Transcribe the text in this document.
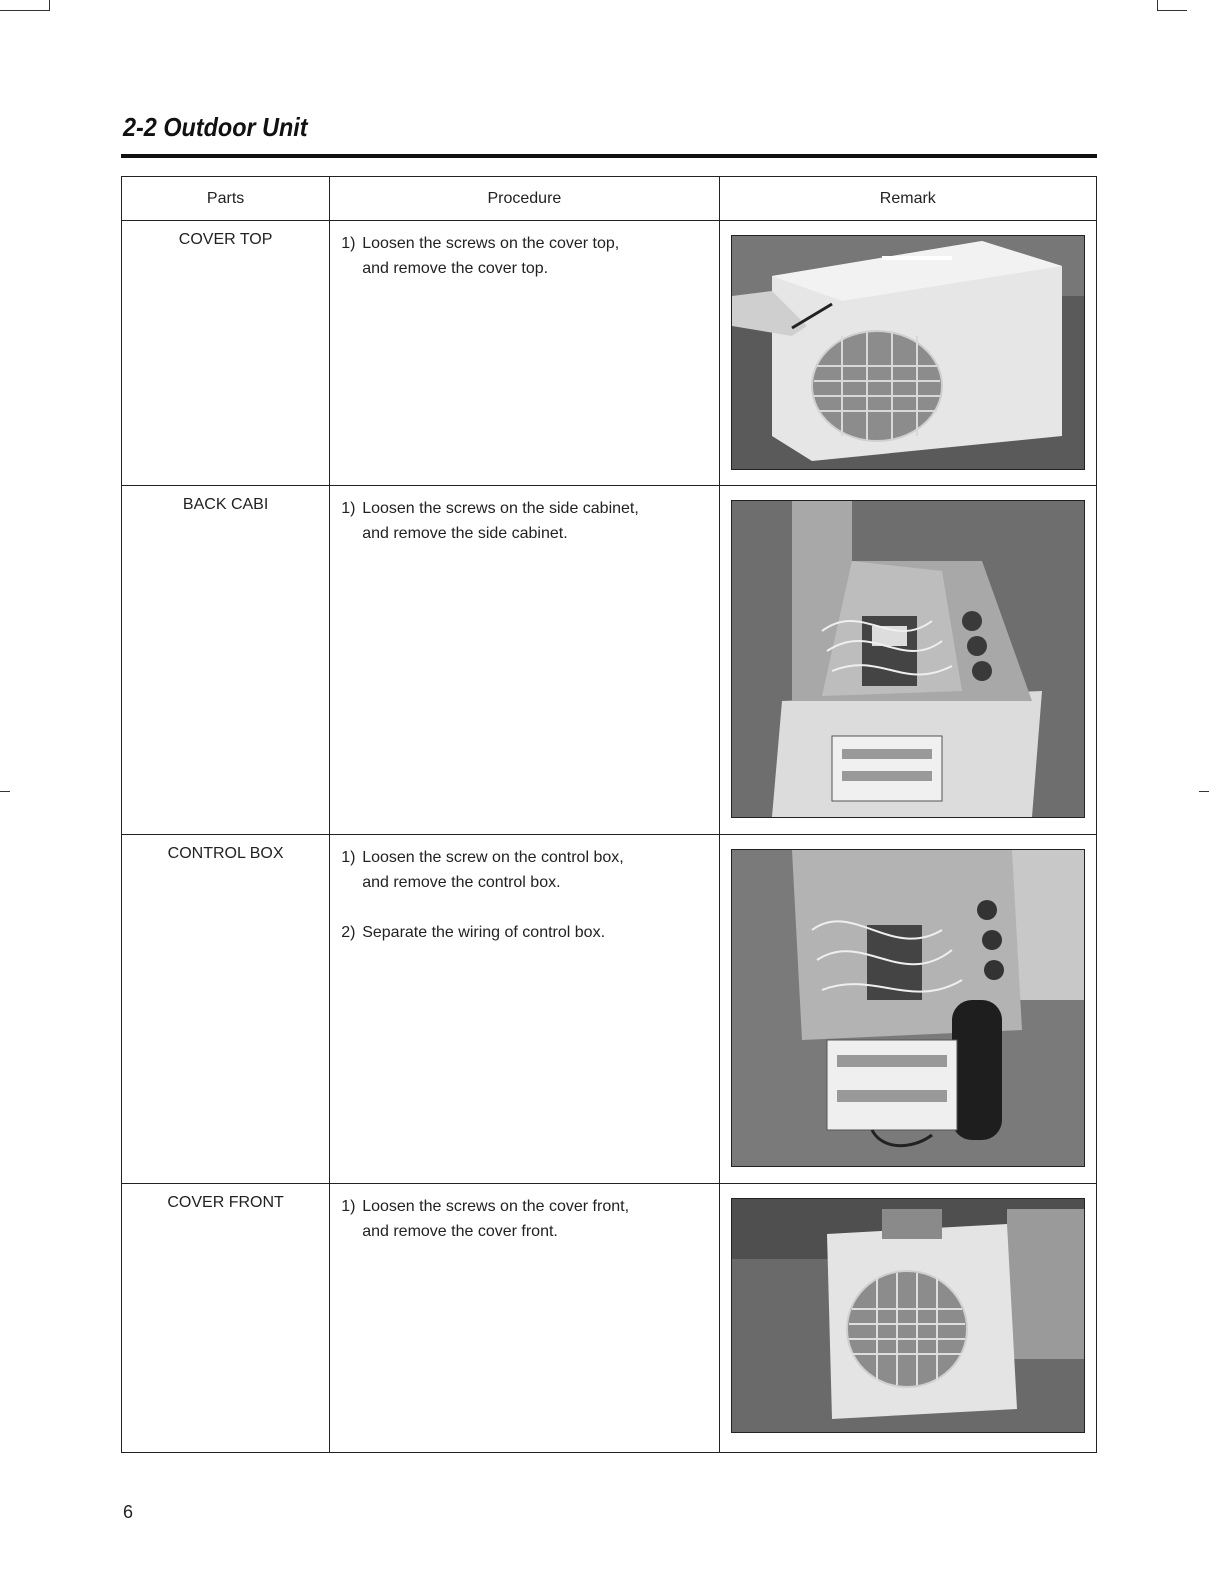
2-2 Outdoor Unit
Parts	Procedure	Remark
COVER TOP	1) Loosen the screws on the cover top,
and remove the cover top.

BACK CABI	1) Loosen the screws on the side cabinet,
and remove the side cabinet.

CONTROL BOX	1) Loosen the screw on the control box,
and remove the control box.
2) Separate the wiring of control box.

COVER FRONT	1) Loosen the screws on the cover front,
and remove the cover front.

6
